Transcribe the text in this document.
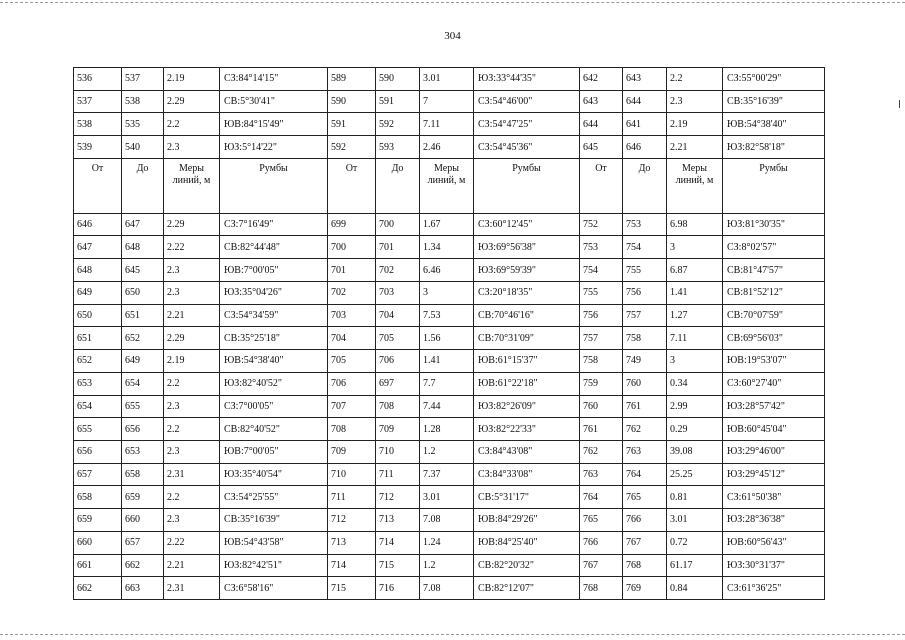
304
536	537	2.19	СЗ:84°14'15"	589	590	3.01	ЮЗ:33°44'35"	642	643	2.2	СЗ:55°00'29"
537	538	2.29	СВ:5°30'41"	590	591	7	СЗ:54°46'00"	643	644	2.3	СВ:35°16'39"
538	535	2.2	ЮВ:84°15'49"	591	592	7.11	СЗ:54°47'25"	644	641	2.19	ЮВ:54°38'40"
539	540	2.3	ЮЗ:5°14'22"	592	593	2.46	СЗ:54°45'36"	645	646	2.21	ЮЗ:82°58'18"
От	До	Меры линий, м	Румбы	От	До	Меры линий, м	Румбы	От	До	Меры линий, м	Румбы
646	647	2.29	СЗ:7°16'49"	699	700	1.67	СЗ:60°12'45"	752	753	6.98	ЮЗ:81°30'35"
647	648	2.22	СВ:82°44'48"	700	701	1.34	ЮЗ:69°56'38"	753	754	3	СЗ:8°02'57"
648	645	2.3	ЮВ:7°00'05"	701	702	6.46	ЮЗ:69°59'39"	754	755	6.87	СВ:81°47'57"
649	650	2.3	ЮЗ:35°04'26"	702	703	3	СЗ:20°18'35"	755	756	1.41	СВ:81°52'12"
650	651	2.21	СЗ:54°34'59"	703	704	7.53	СВ:70°46'16"	756	757	1.27	СВ:70°07'59"
651	652	2.29	СВ:35°25'18"	704	705	1.56	СВ:70°31'09"	757	758	7.11	СВ:69°56'03"
652	649	2.19	ЮВ:54°38'40"	705	706	1.41	ЮВ:61°15'37"	758	749	3	ЮВ:19°53'07"
653	654	2.2	ЮЗ:82°40'52"	706	697	7.7	ЮВ:61°22'18"	759	760	0.34	СЗ:60°27'40"
654	655	2.3	СЗ:7°00'05"	707	708	7.44	ЮЗ:82°26'09"	760	761	2.99	ЮЗ:28°57'42"
655	656	2.2	СВ:82°40'52"	708	709	1.28	ЮЗ:82°22'33"	761	762	0.29	ЮВ:60°45'04"
656	653	2.3	ЮВ:7°00'05"	709	710	1.2	СЗ:84°43'08"	762	763	39.08	ЮЗ:29°46'00"
657	658	2.31	ЮЗ:35°40'54"	710	711	7.37	СЗ:84°33'08"	763	764	25.25	ЮЗ:29°45'12"
658	659	2.2	СЗ:54°25'55"	711	712	3.01	СВ:5°31'17"	764	765	0.81	СЗ:61°50'38"
659	660	2.3	СВ:35°16'39"	712	713	7.08	ЮВ:84°29'26"	765	766	3.01	ЮЗ:28°36'38"
660	657	2.22	ЮВ:54°43'58"	713	714	1.24	ЮВ:84°25'40"	766	767	0.72	ЮВ:60°56'43"
661	662	2.21	ЮЗ:82°42'51"	714	715	1.2	СВ:82°20'32"	767	768	61.17	ЮЗ:30°31'37"
662	663	2.31	СЗ:6°58'16"	715	716	7.08	СВ:82°12'07"	768	769	0.84	СЗ:61°36'25"
